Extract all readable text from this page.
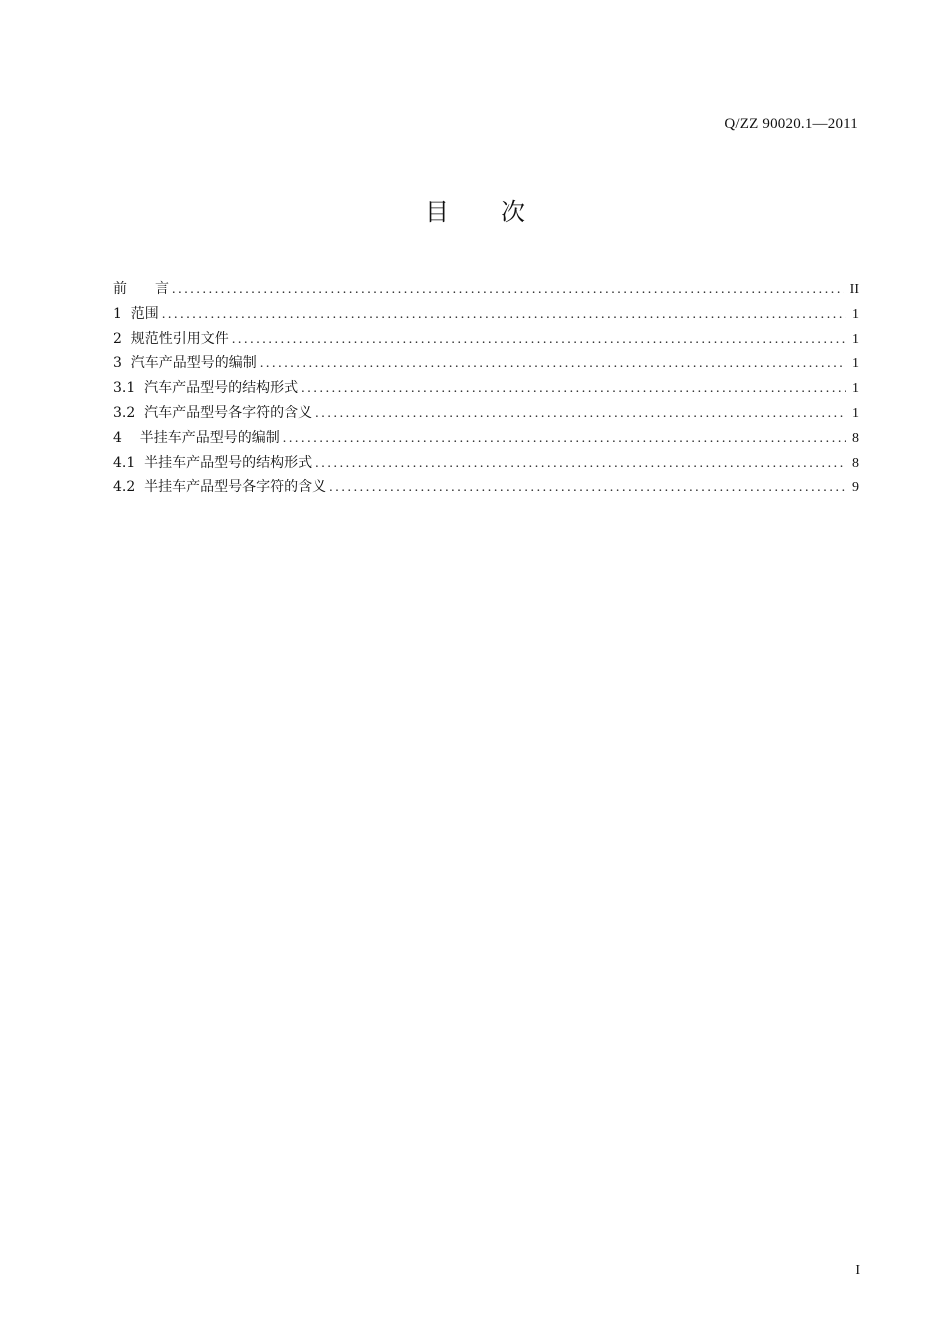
Q/ZZ 90020.1—2011
目 次
前　　言 .....	II
1  范围 .....	1
2  规范性引用文件 .....	1
3  汽车产品型号的编制 .....	1
3.1  汽车产品型号的结构形式 .....	1
3.2  汽车产品型号各字符的含义 .....	1
4    半挂车产品型号的编制 .....	8
4.1  半挂车产品型号的结构形式 .....	8
4.2  半挂车产品型号各字符的含义 .....	9
I
